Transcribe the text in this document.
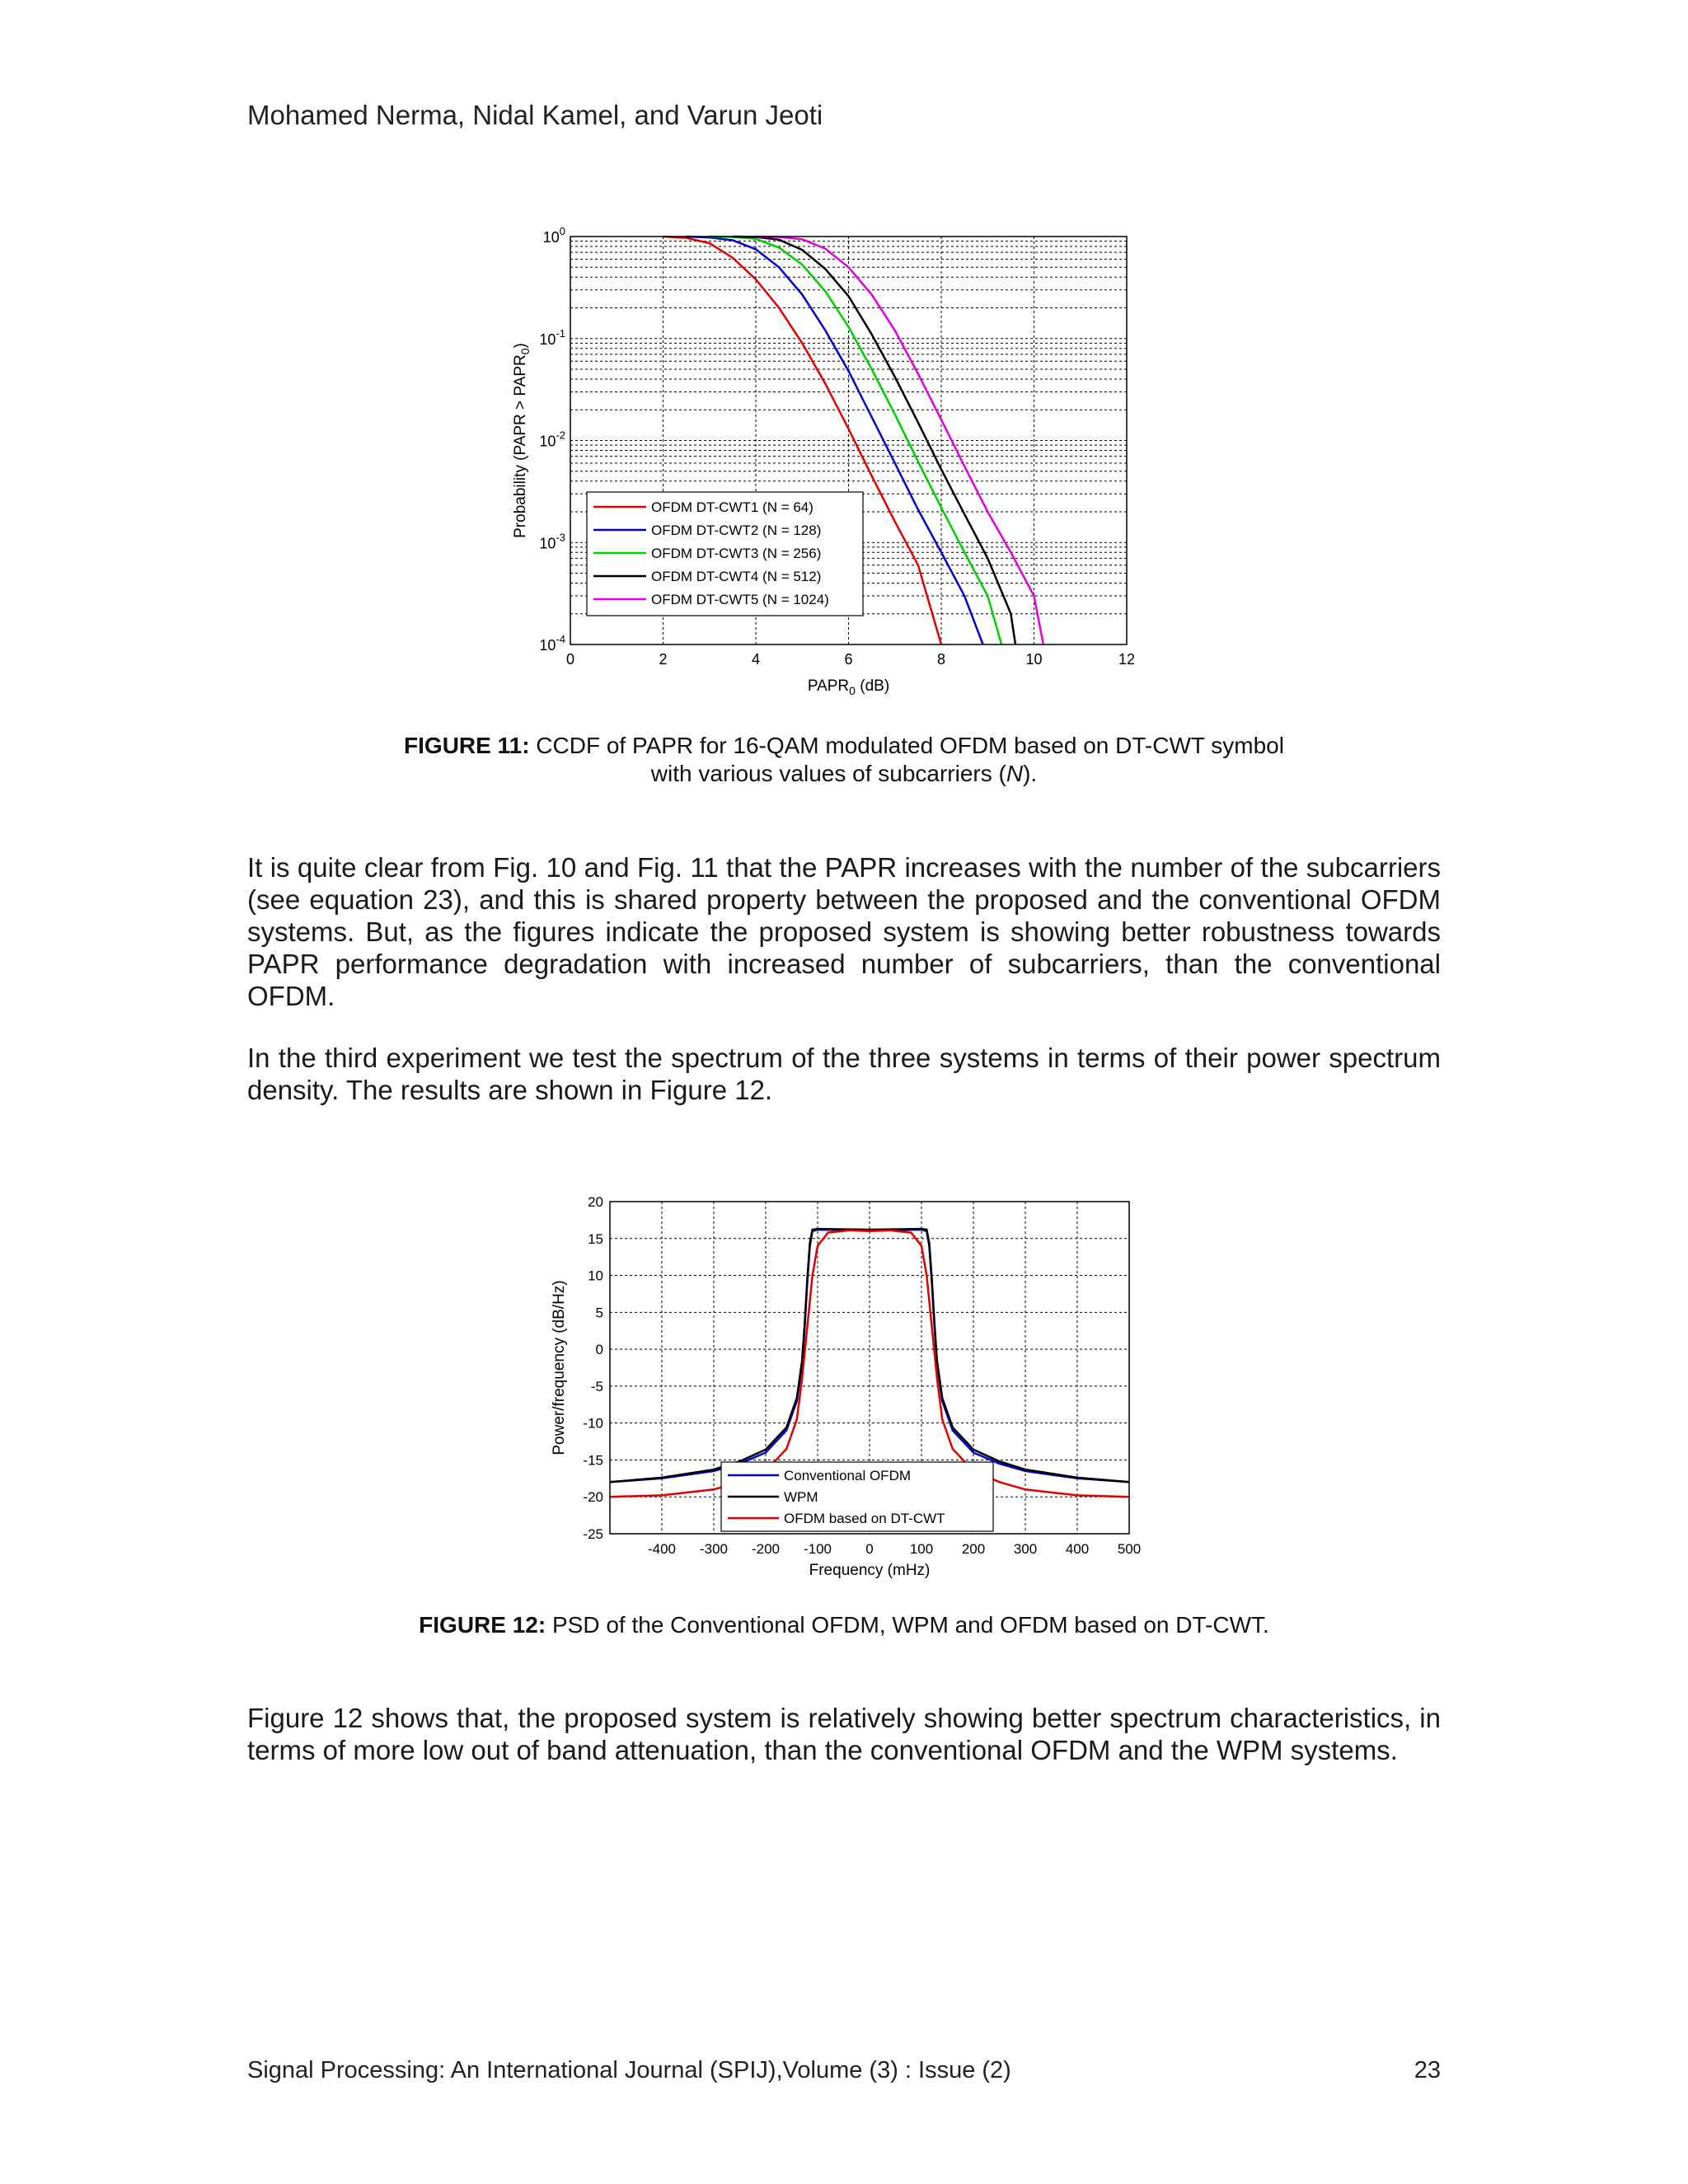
Mohamed Nerma, Nidal Kamel, and Varun Jeoti
0	2	4	6	8	10	12
$10^0$
$10^{-1}$
$10^{-2}$
$10^{-3}$
$10^{-4}$
$PAPR_0$ (dB)
Probability (PAPR > $PAPR_0$)
OFDM DT-CWT1 (N = 64)
OFDM DT-CWT2 (N = 128)
OFDM DT-CWT3 (N = 256)
OFDM DT-CWT4 (N = 512)
OFDM DT-CWT5 (N = 1024)
FIGURE 11: CCDF of PAPR for 16-QAM modulated OFDM based on DT-CWT symbol
with various values of subcarriers (N).

It is quite clear from Fig. 10 and Fig. 11 that the PAPR increases with the number of the subcarriers (see equation 23), and this is shared property between the proposed and the conventional OFDM systems. But, as the figures indicate the proposed system is showing better robustness towards PAPR performance degradation with increased number of subcarriers, than the conventional OFDM.

In the third experiment we test the spectrum of the three systems in terms of their power spectrum density. The results are shown in Figure 12.

-400 -300 -200 -100 0	100 200 300 400 500
20
15
10
5
0
-5
-10
-15
-20
-25
Frequency (mHz)
Power/frequency (dB/Hz)
Conventional OFDM
WPM
OFDM based on DT-CWT
FIGURE 12: PSD of the Conventional OFDM, WPM and OFDM based on DT-CWT.

Figure 12 shows that, the proposed system is relatively showing better spectrum characteristics, in terms of more low out of band attenuation, than the conventional OFDM and the WPM systems.

Signal Processing: An International Journal (SPIJ),Volume (3) : Issue (2)	23
